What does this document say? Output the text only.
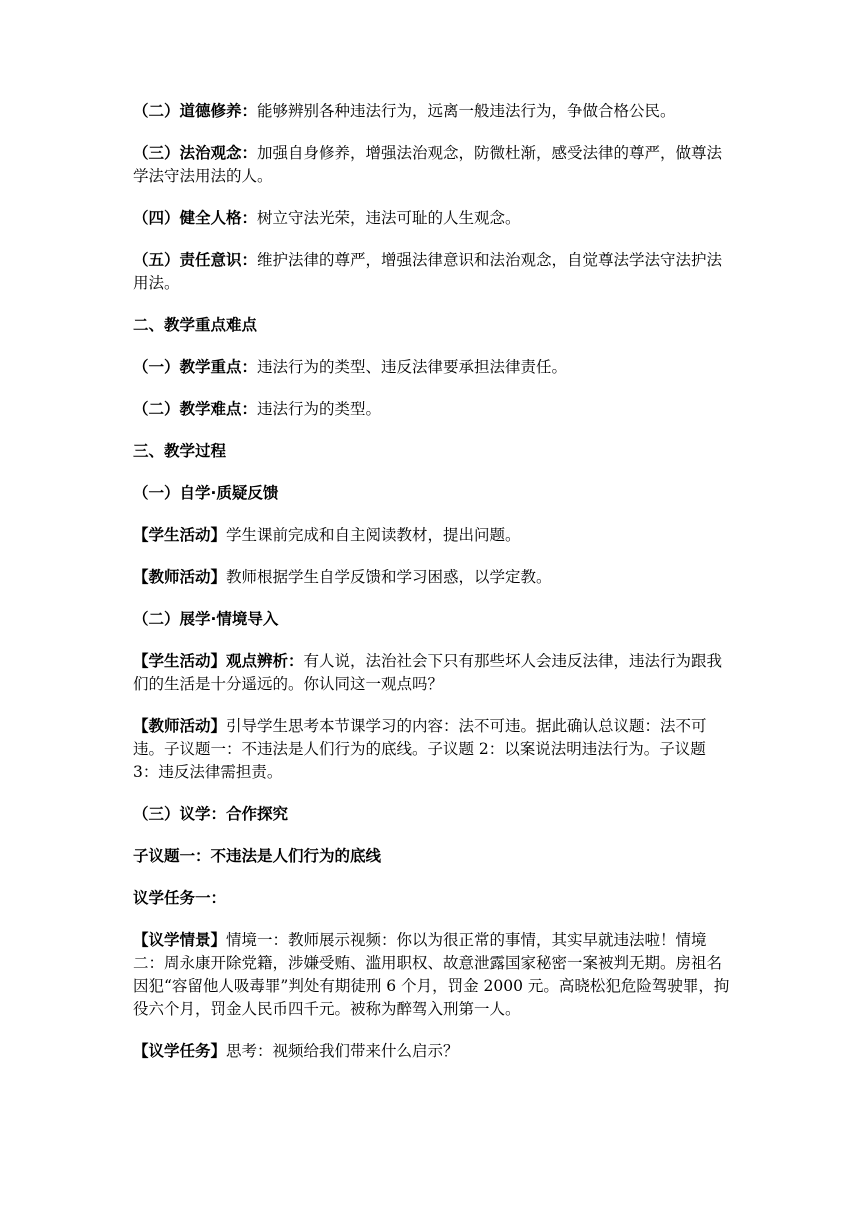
（二）道德修养：能够辨别各种违法行为，远离一般违法行为，争做合格公民。

（三）法治观念：加强自身修养，增强法治观念，防微杜渐，感受法律的尊严，做尊法学法守法用法的人。

（四）健全人格：树立守法光荣，违法可耻的人生观念。

（五）责任意识：维护法律的尊严，增强法律意识和法治观念，自觉尊法学法守法护法用法。

二、教学重点难点

（一）教学重点：违法行为的类型、违反法律要承担法律责任。

（二）教学难点：违法行为的类型。

三、教学过程

（一）自学·质疑反馈

【学生活动】学生课前完成和自主阅读教材，提出问题。

【教师活动】教师根据学生自学反馈和学习困惑，以学定教。

（二）展学·情境导入

【学生活动】观点辨析：有人说，法治社会下只有那些坏人会违反法律，违法行为跟我们的生活是十分遥远的。你认同这一观点吗？

【教师活动】引导学生思考本节课学习的内容：法不可违。据此确认总议题：法不可违。子议题一：不违法是人们行为的底线。子议题 2：以案说法明违法行为。子议题 3：违反法律需担责。

（三）议学：合作探究

子议题一：不违法是人们行为的底线

议学任务一：

【议学情景】情境一：教师展示视频：你以为很正常的事情，其实早就违法啦！情境二：周永康开除党籍，涉嫌受贿、滥用职权、故意泄露国家秘密一案被判无期。房祖名因犯“容留他人吸毒罪”判处有期徒刑 6 个月，罚金 2000 元。高晓松犯危险驾驶罪，拘役六个月，罚金人民币四千元。被称为醉驾入刑第一人。

【议学任务】思考：视频给我们带来什么启示？
